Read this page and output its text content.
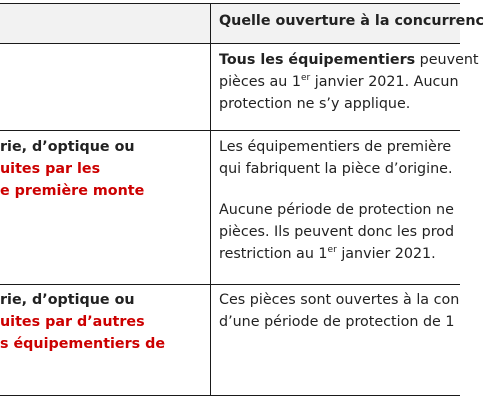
Quelle ouverture à la concurrenc

Tous les équipementiers peuvent

pièces au 1er janvier 2021. Aucun

protection ne s’y applique.

rie, d’optique ou

uites par les

e première monte

Les équipementiers de première

qui fabriquent la pièce d’origine.

Aucune période de protection ne

pièces. Ils peuvent donc les prod

restriction au 1er janvier 2021.

rie, d’optique ou

uites par d’autres

s équipementiers de

Ces pièces sont ouvertes à la con

d’une période de protection de 1
